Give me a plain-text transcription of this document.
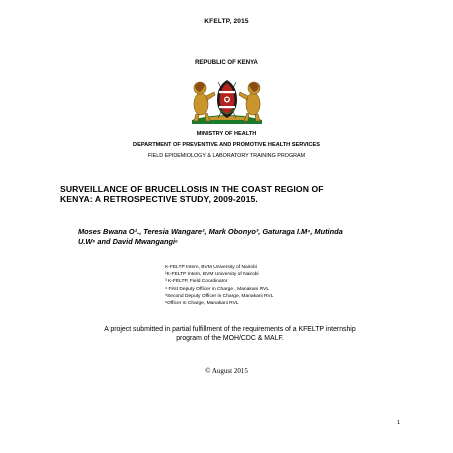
KFELTP, 2015
REPUBLIC OF KENYA
MINISTRY OF HEALTH
DEPARTMENT OF PREVENTIVE AND PROMOTIVE HEALTH SERVICES
FIELD EPIDEMIOLOGY & LABORATORY TRAINING PROGRAM
SURVEILLANCE OF BRUCELLOSIS IN THE COAST REGION OF
KENYA: A RETROSPECTIVE STUDY, 2009-2015.
Moses Bwana O¹., Teresia Wangare², Mark Obonyo³, Gaturaga I.M⁴, Mutinda
U.W⁵ and David Mwangangi⁶
K-FELTP Intern, BVM University of Nairobi
²K-FELTP Intern, BVM University of Nairobi
³ K-FELTP, Field Coordinator
⁴ First Deputy Officer in Charge , Manakani RVL
⁵Second Deputy Officer in Charge, Manakani RVL
⁶Officer in Charge, Manakani RVL
A project submitted in partial fulfillment of the requirements of a KFELTP internship
program of the MOH/CDC & MALF.
© August 2015
1
